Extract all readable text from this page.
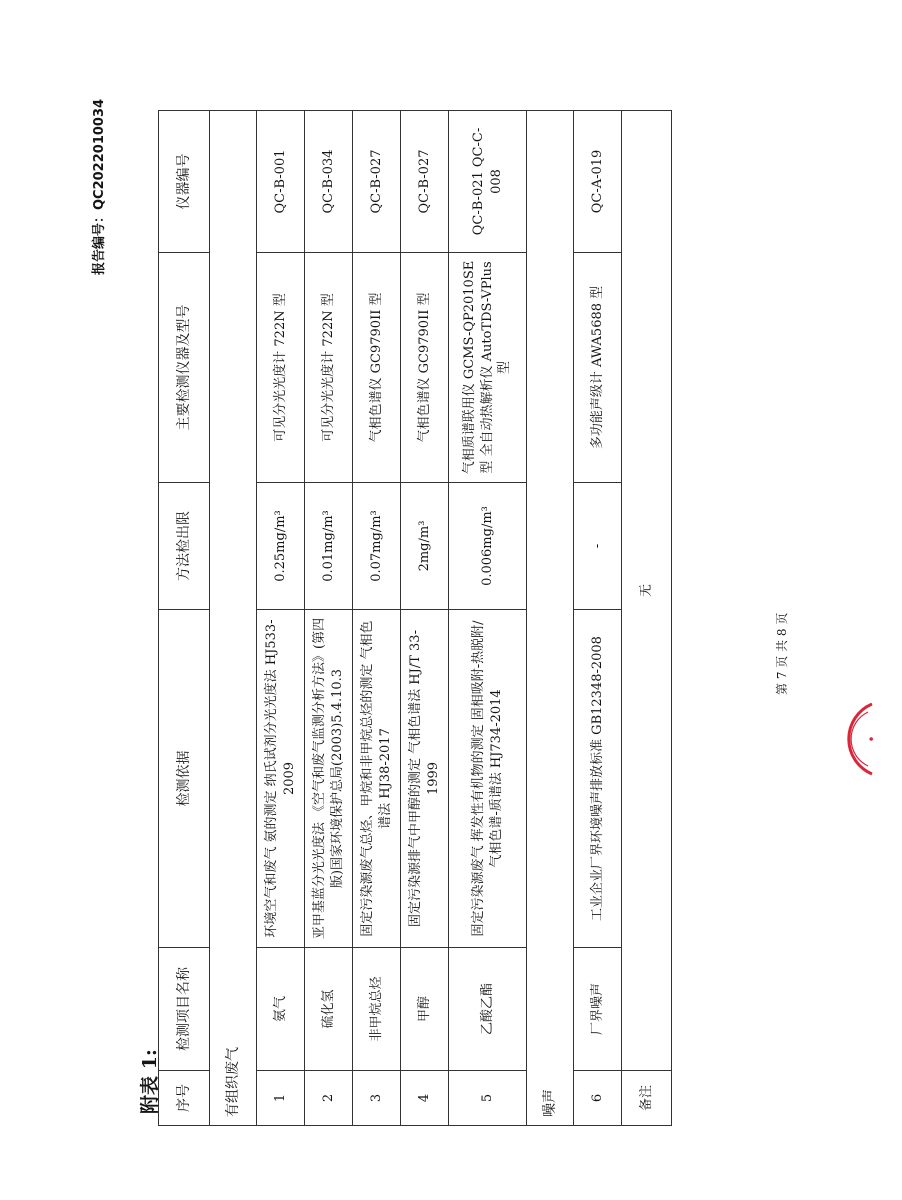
报告编号：QC2022010034
附表 1: 序号	检测项目名称	检测依据	方法检出限	主要检测仪器及型号	仪器编号
有组织废气					
1	氨气	环境空气和废气 氨的测定 纳氏试剂分光光度法 HJ533-2009	0.25mg/m³	可见分光光度计 722N 型	QC-B-001
2	硫化氢	亚甲基蓝分光光度法 《空气和废气监测分析方法》(第四版)国家环境保护总局(2003)5.4.10.3	0.01mg/m³	可见分光光度计 722N 型	QC-B-034
3	非甲烷总烃	固定污染源废气总烃、甲烷和非甲烷总烃的测定 气相色谱法 HJ38-2017	0.07mg/m³	气相色谱仪 GC9790II 型	QC-B-027
4	甲醇	固定污染源排气中甲醇的测定 气相色谱法 HJ/T 33-1999	2mg/m³	气相色谱仪 GC9790II 型	QC-B-027
5	乙酸乙酯	固定污染源废气 挥发性有机物的测定 固相吸附-热脱附/气相色谱-质谱法 HJ734-2014	0.006mg/m³	气相质谱联用仪 GCMS-QP2010SE 型 全自动热解析仪 AutoTDS-VPlus 型	QC-B-021 QC-C-008
噪声					
6	厂界噪声	工业企业厂界环境噪声排放标准 GB12348-2008	-	多功能声级计 AWA5688 型	QC-A-019
备注	无				
第 7 页 共 8 页
•
